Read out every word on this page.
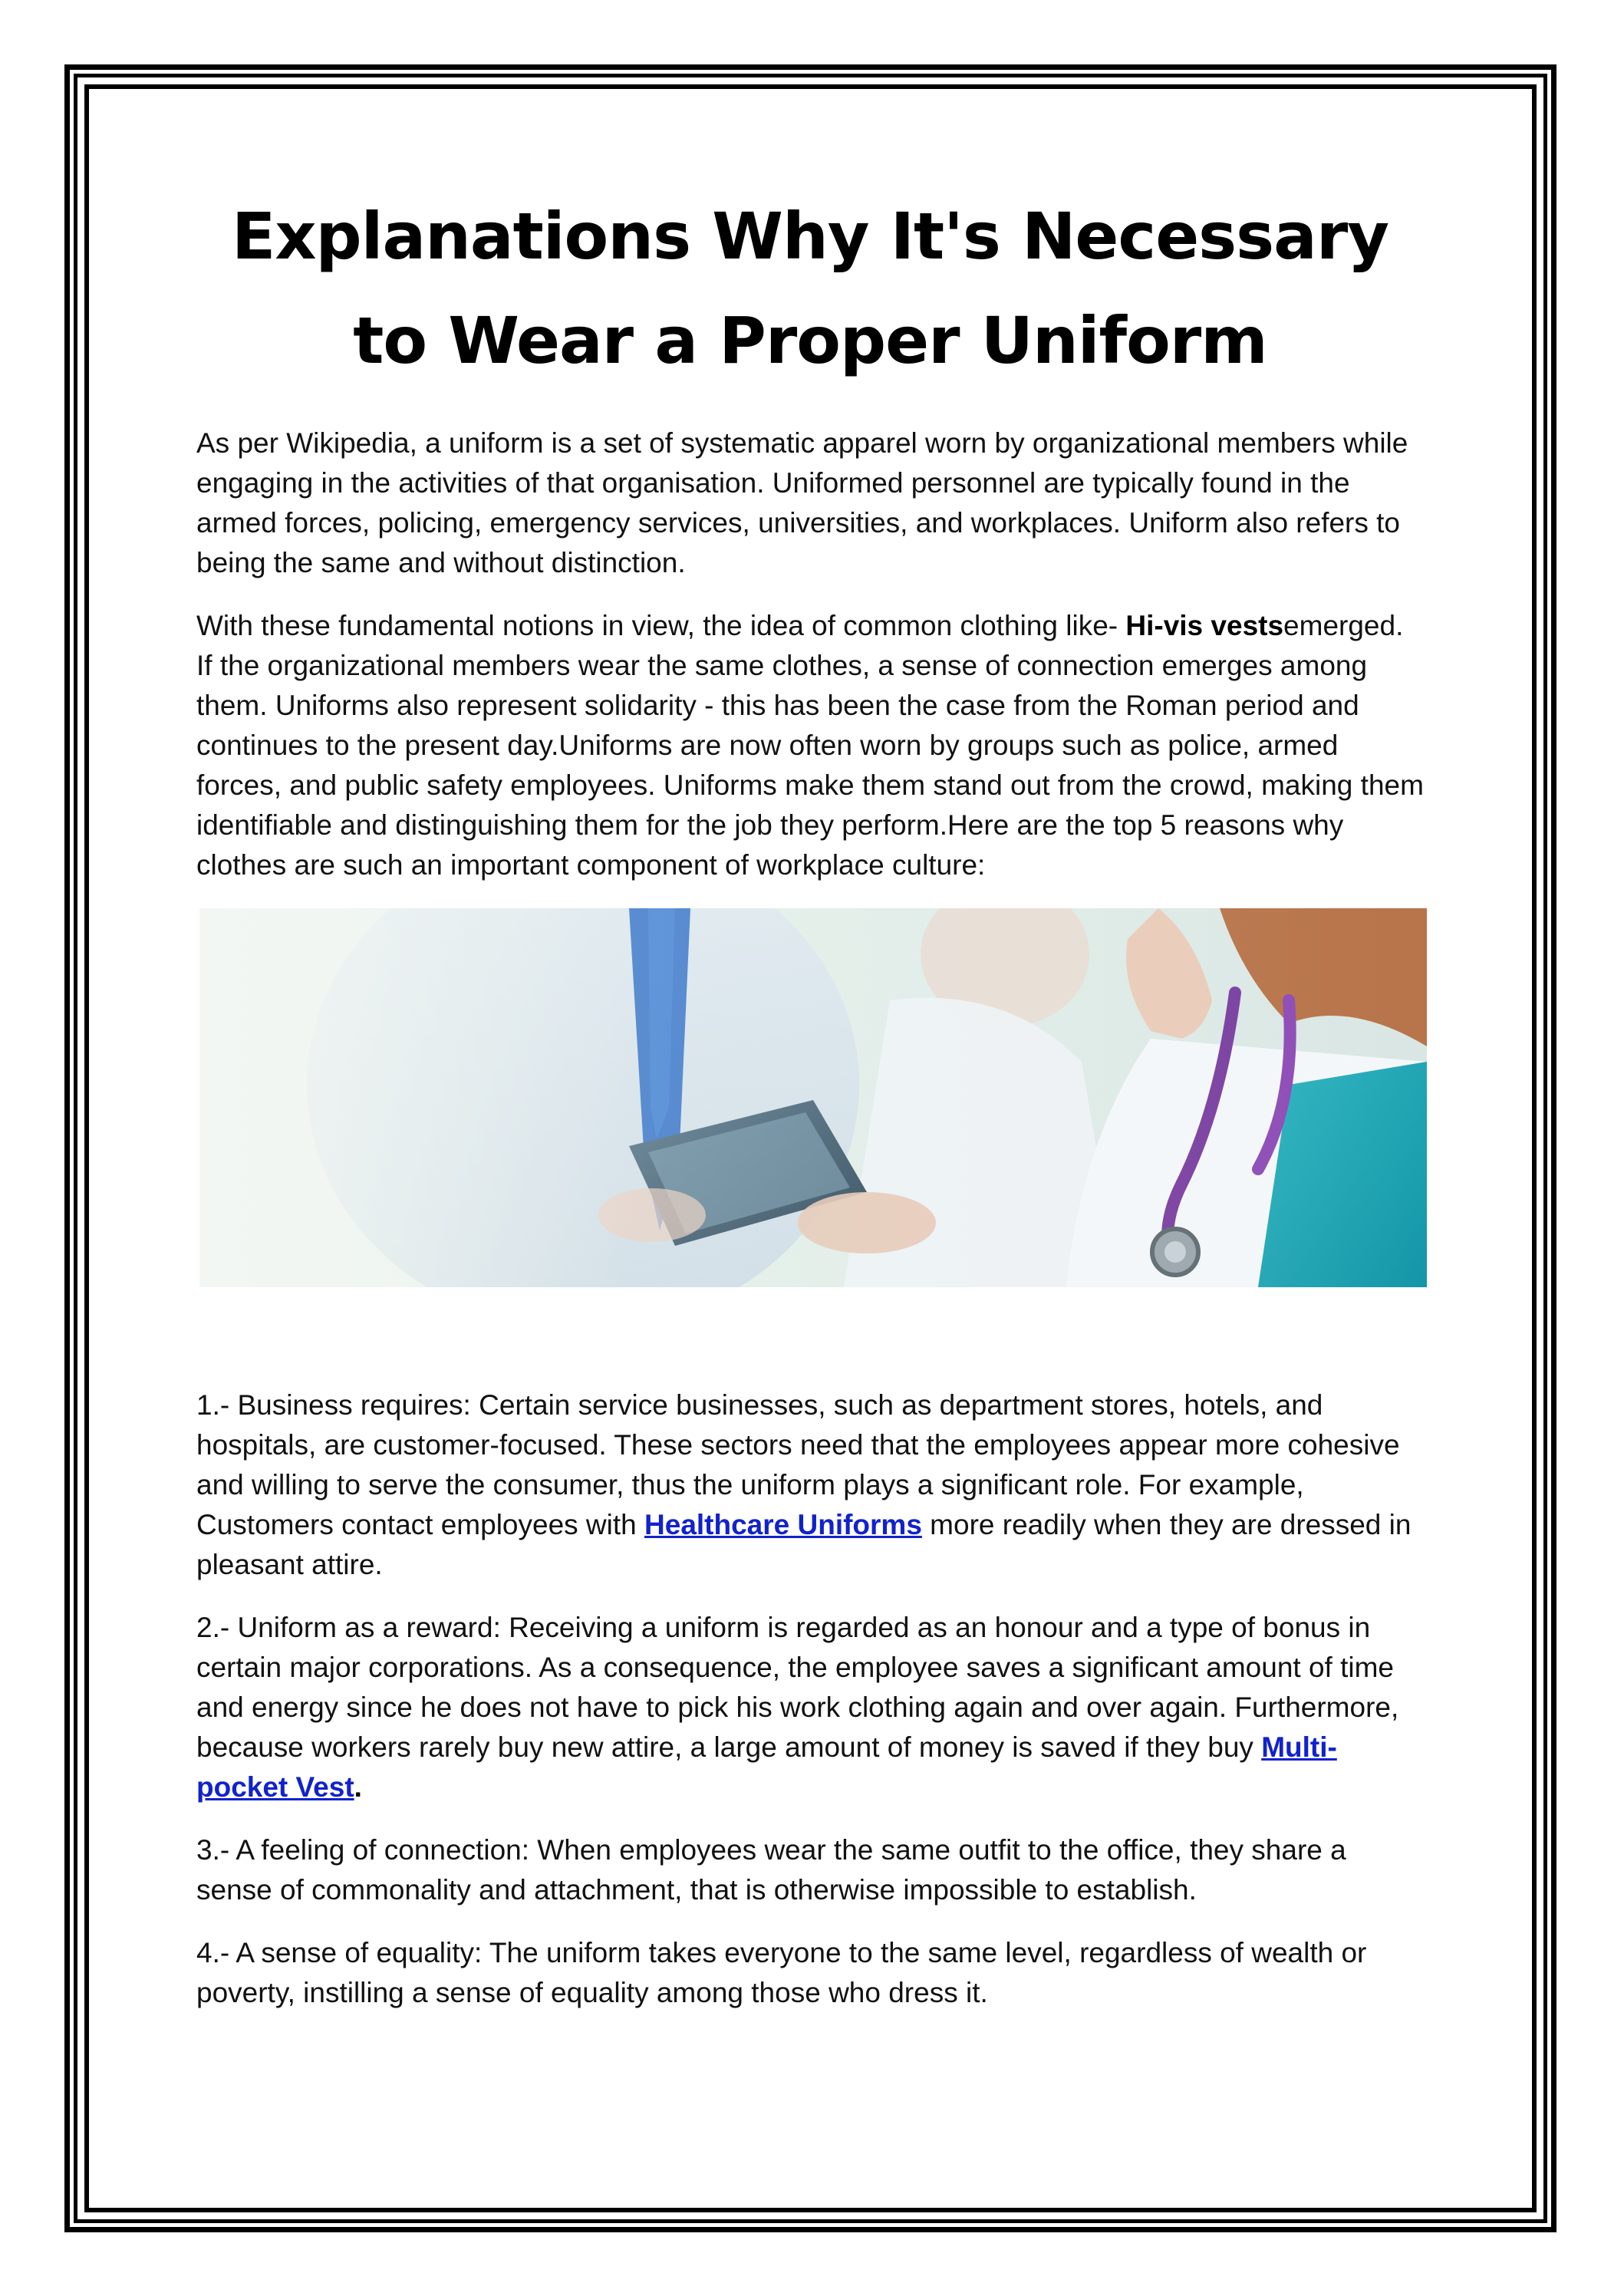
Explanations Why It's Necessary to Wear a Proper Uniform

As per Wikipedia, a uniform is a set of systematic apparel worn by organizational members while engaging in the activities of that organisation. Uniformed personnel are typically found in the armed forces, policing, emergency services, universities, and workplaces. Uniform also refers to being the same and without distinction.

With these fundamental notions in view, the idea of common clothing like- Hi-vis vestsemerged. If the organizational members wear the same clothes, a sense of connection emerges among them. Uniforms also represent solidarity - this has been the case from the Roman period and continues to the present day.Uniforms are now often worn by groups such as police, armed forces, and public safety employees. Uniforms make them stand out from the crowd, making them identifiable and distinguishing them for the job they perform.Here are the top 5 reasons why clothes are such an important component of workplace culture:

1.- Business requires: Certain service businesses, such as department stores, hotels, and hospitals, are customer-focused. These sectors need that the employees appear more cohesive and willing to serve the consumer, thus the uniform plays a significant role. For example, Customers contact employees with Healthcare Uniforms more readily when they are dressed in pleasant attire.

2.- Uniform as a reward: Receiving a uniform is regarded as an honour and a type of bonus in certain major corporations. As a consequence, the employee saves a significant amount of time and energy since he does not have to pick his work clothing again and over again. Furthermore, because workers rarely buy new attire, a large amount of money is saved if they buy Multi-pocket Vest.

3.- A feeling of connection: When employees wear the same outfit to the office, they share a sense of commonality and attachment, that is otherwise impossible to establish.

4.- A sense of equality: The uniform takes everyone to the same level, regardless of wealth or poverty, instilling a sense of equality among those who dress it.
